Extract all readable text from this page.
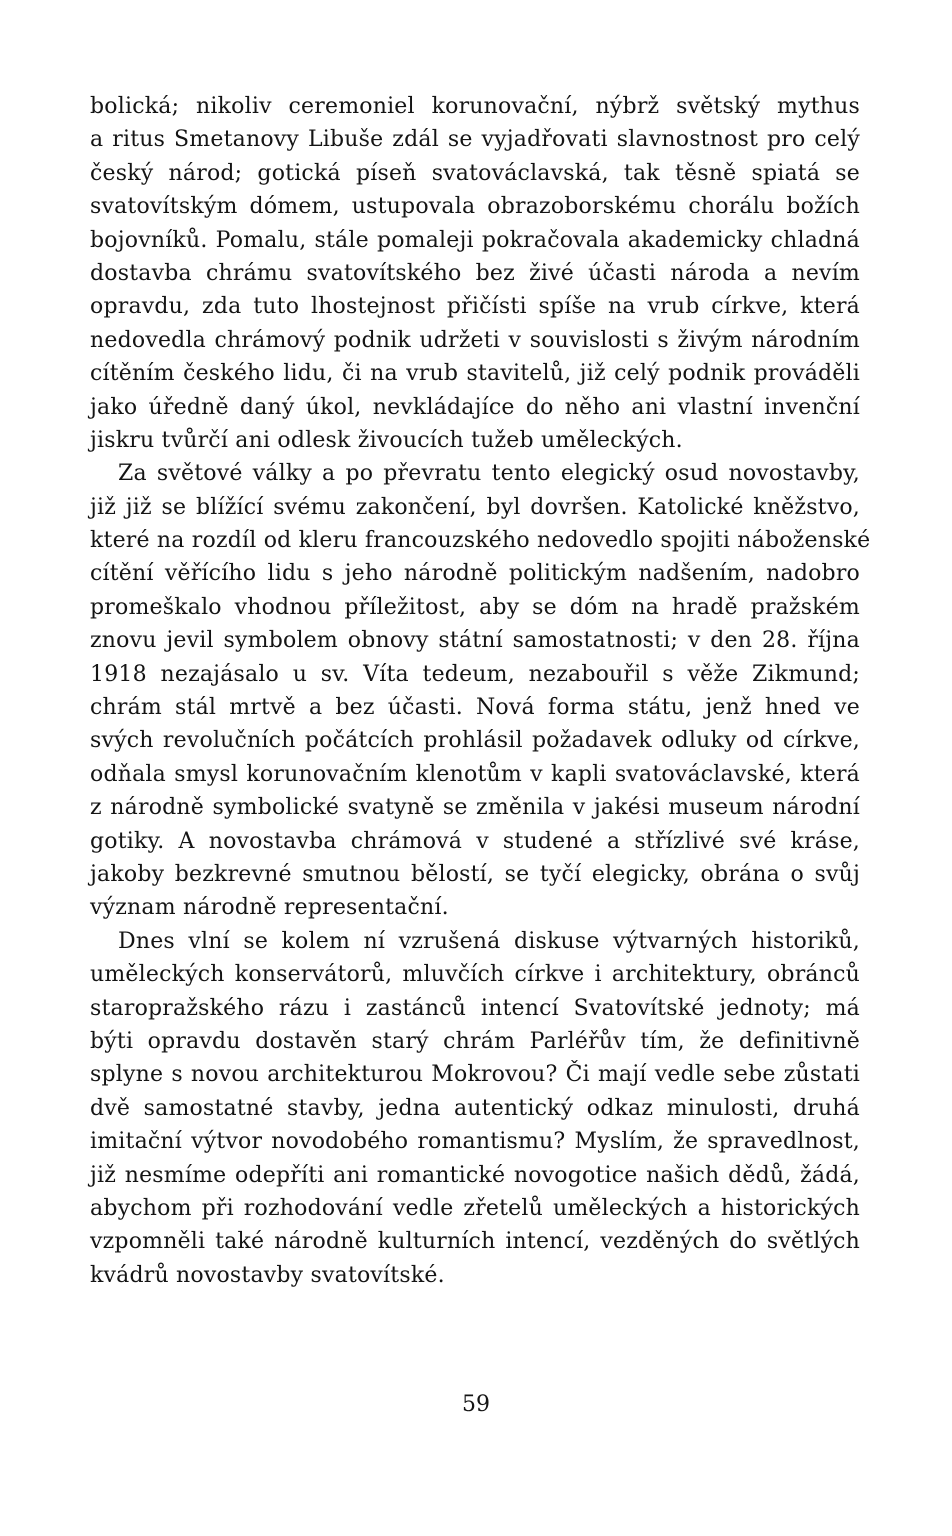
bolická; nikoliv ceremoniel korunovační, nýbrž světský mythus
a ritus Smetanovy Libuše zdál se vyjadřovati slavnostnost pro celý
český národ; gotická píseň svatováclavská, tak těsně spiatá se
svatovítským dómem, ustupovala obrazoborskému chorálu božích
bojovníků. Pomalu, stále pomaleji pokračovala akademicky chladná
dostavba chrámu svatovítského bez živé účasti národa a nevím
opravdu, zda tuto lhostejnost přičísti spíše na vrub církve, která
nedovedla chrámový podnik udržeti v souvislosti s živým národním
cítěním českého lidu, či na vrub stavitelů, již celý podnik prováděli
jako úředně daný úkol, nevkládajíce do něho ani vlastní invenční
jiskru tvůrčí ani odlesk živoucích tužeb uměleckých.
Za světové války a po převratu tento elegický osud novostavby,
již již se blížící svému zakončení, byl dovršen. Katolické kněžstvo,
které na rozdíl od kleru francouzského nedovedlo spojiti náboženské
cítění věřícího lidu s jeho národně politickým nadšením, nadobro
promeškalo vhodnou příležitost, aby se dóm na hradě pražském
znovu jevil symbolem obnovy státní samostatnosti; v den 28. října
1918 nezajásalo u sv. Víta tedeum, nezabouřil s věže Zikmund;
chrám stál mrtvě a bez účasti. Nová forma státu, jenž hned ve
svých revolučních počátcích prohlásil požadavek odluky od církve,
odňala smysl korunovačním klenotům v kapli svatováclavské, která
z národně symbolické svatyně se změnila v jakési museum národní
gotiky. A novostavba chrámová v studené a střízlivé své kráse,
jakoby bezkrevné smutnou bělostí, se tyčí elegicky, obrána o svůj
význam národně representační.
Dnes vlní se kolem ní vzrušená diskuse výtvarných historiků,
uměleckých konservátorů, mluvčích církve i architektury, obránců
staropražského rázu i zastánců intencí Svatovítské jednoty; má
býti opravdu dostavěn starý chrám Parléřův tím, že definitivně
splyne s novou architekturou Mokrovou? Či mají vedle sebe zůstati
dvě samostatné stavby, jedna autentický odkaz minulosti, druhá
imitační výtvor novodobého romantismu? Myslím, že spravedlnost,
již nesmíme odepříti ani romantické novogotice našich dědů, žádá,
abychom při rozhodování vedle zřetelů uměleckých a historických
vzpomněli také národně kulturních intencí, vezděných do světlých
kvádrů novostavby svatovítské.
59
